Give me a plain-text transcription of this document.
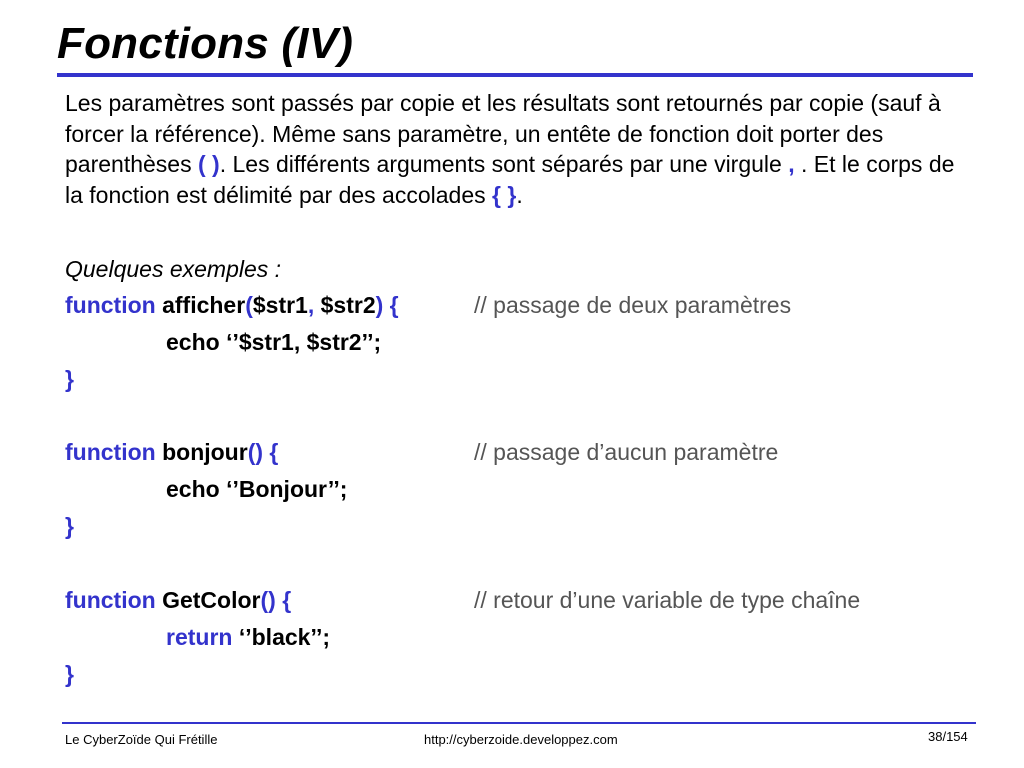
Fonctions (IV)

Les paramètres sont passés par copie et les résultats sont retournés par copie (sauf à forcer la référence). Même sans paramètre, un entête de fonction doit porter des parenthèses ( ). Les différents arguments sont séparés par une virgule , . Et le corps de la fonction est délimité par des accolades { }.

Quelques exemples :
function afficher($str1, $str2) {	// passage de deux paramètres
echo ‘’$str1, $str2’’;
}
function bonjour() {	// passage d’aucun paramètre
echo ‘’Bonjour’’;
}
function GetColor() {	// retour d’une variable de type chaîne
return ‘’black’’;
}
Le CyberZoïde Qui Frétille	http://cyberzoide.developpez.com	38/154
